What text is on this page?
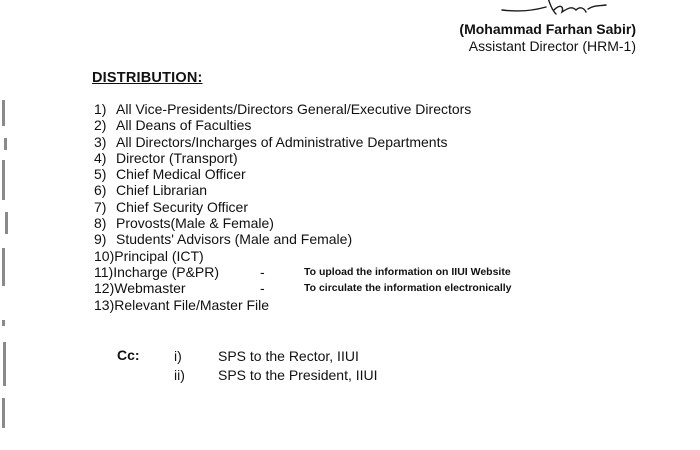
(Mohammad Farhan Sabir)
Assistant Director (HRM-1)
DISTRIBUTION:
1) All Vice-Presidents/Directors General/Executive Directors
2) All Deans of Faculties
3) All Directors/Incharges of Administrative Departments
4) Director (Transport)
5) Chief Medical Officer
6) Chief Librarian
7) Chief Security Officer
8) Provosts(Male & Female)
9) Students' Advisors (Male and Female)
10)Principal (ICT)
11)Incharge (P&PR)	-	To upload the information on IIUI Website
12)Webmaster	-	To circulate the information electronically
13)Relevant File/Master File
Cc: i)	SPS to the Rector, IIUI
ii) SPS to the President, IIUI
